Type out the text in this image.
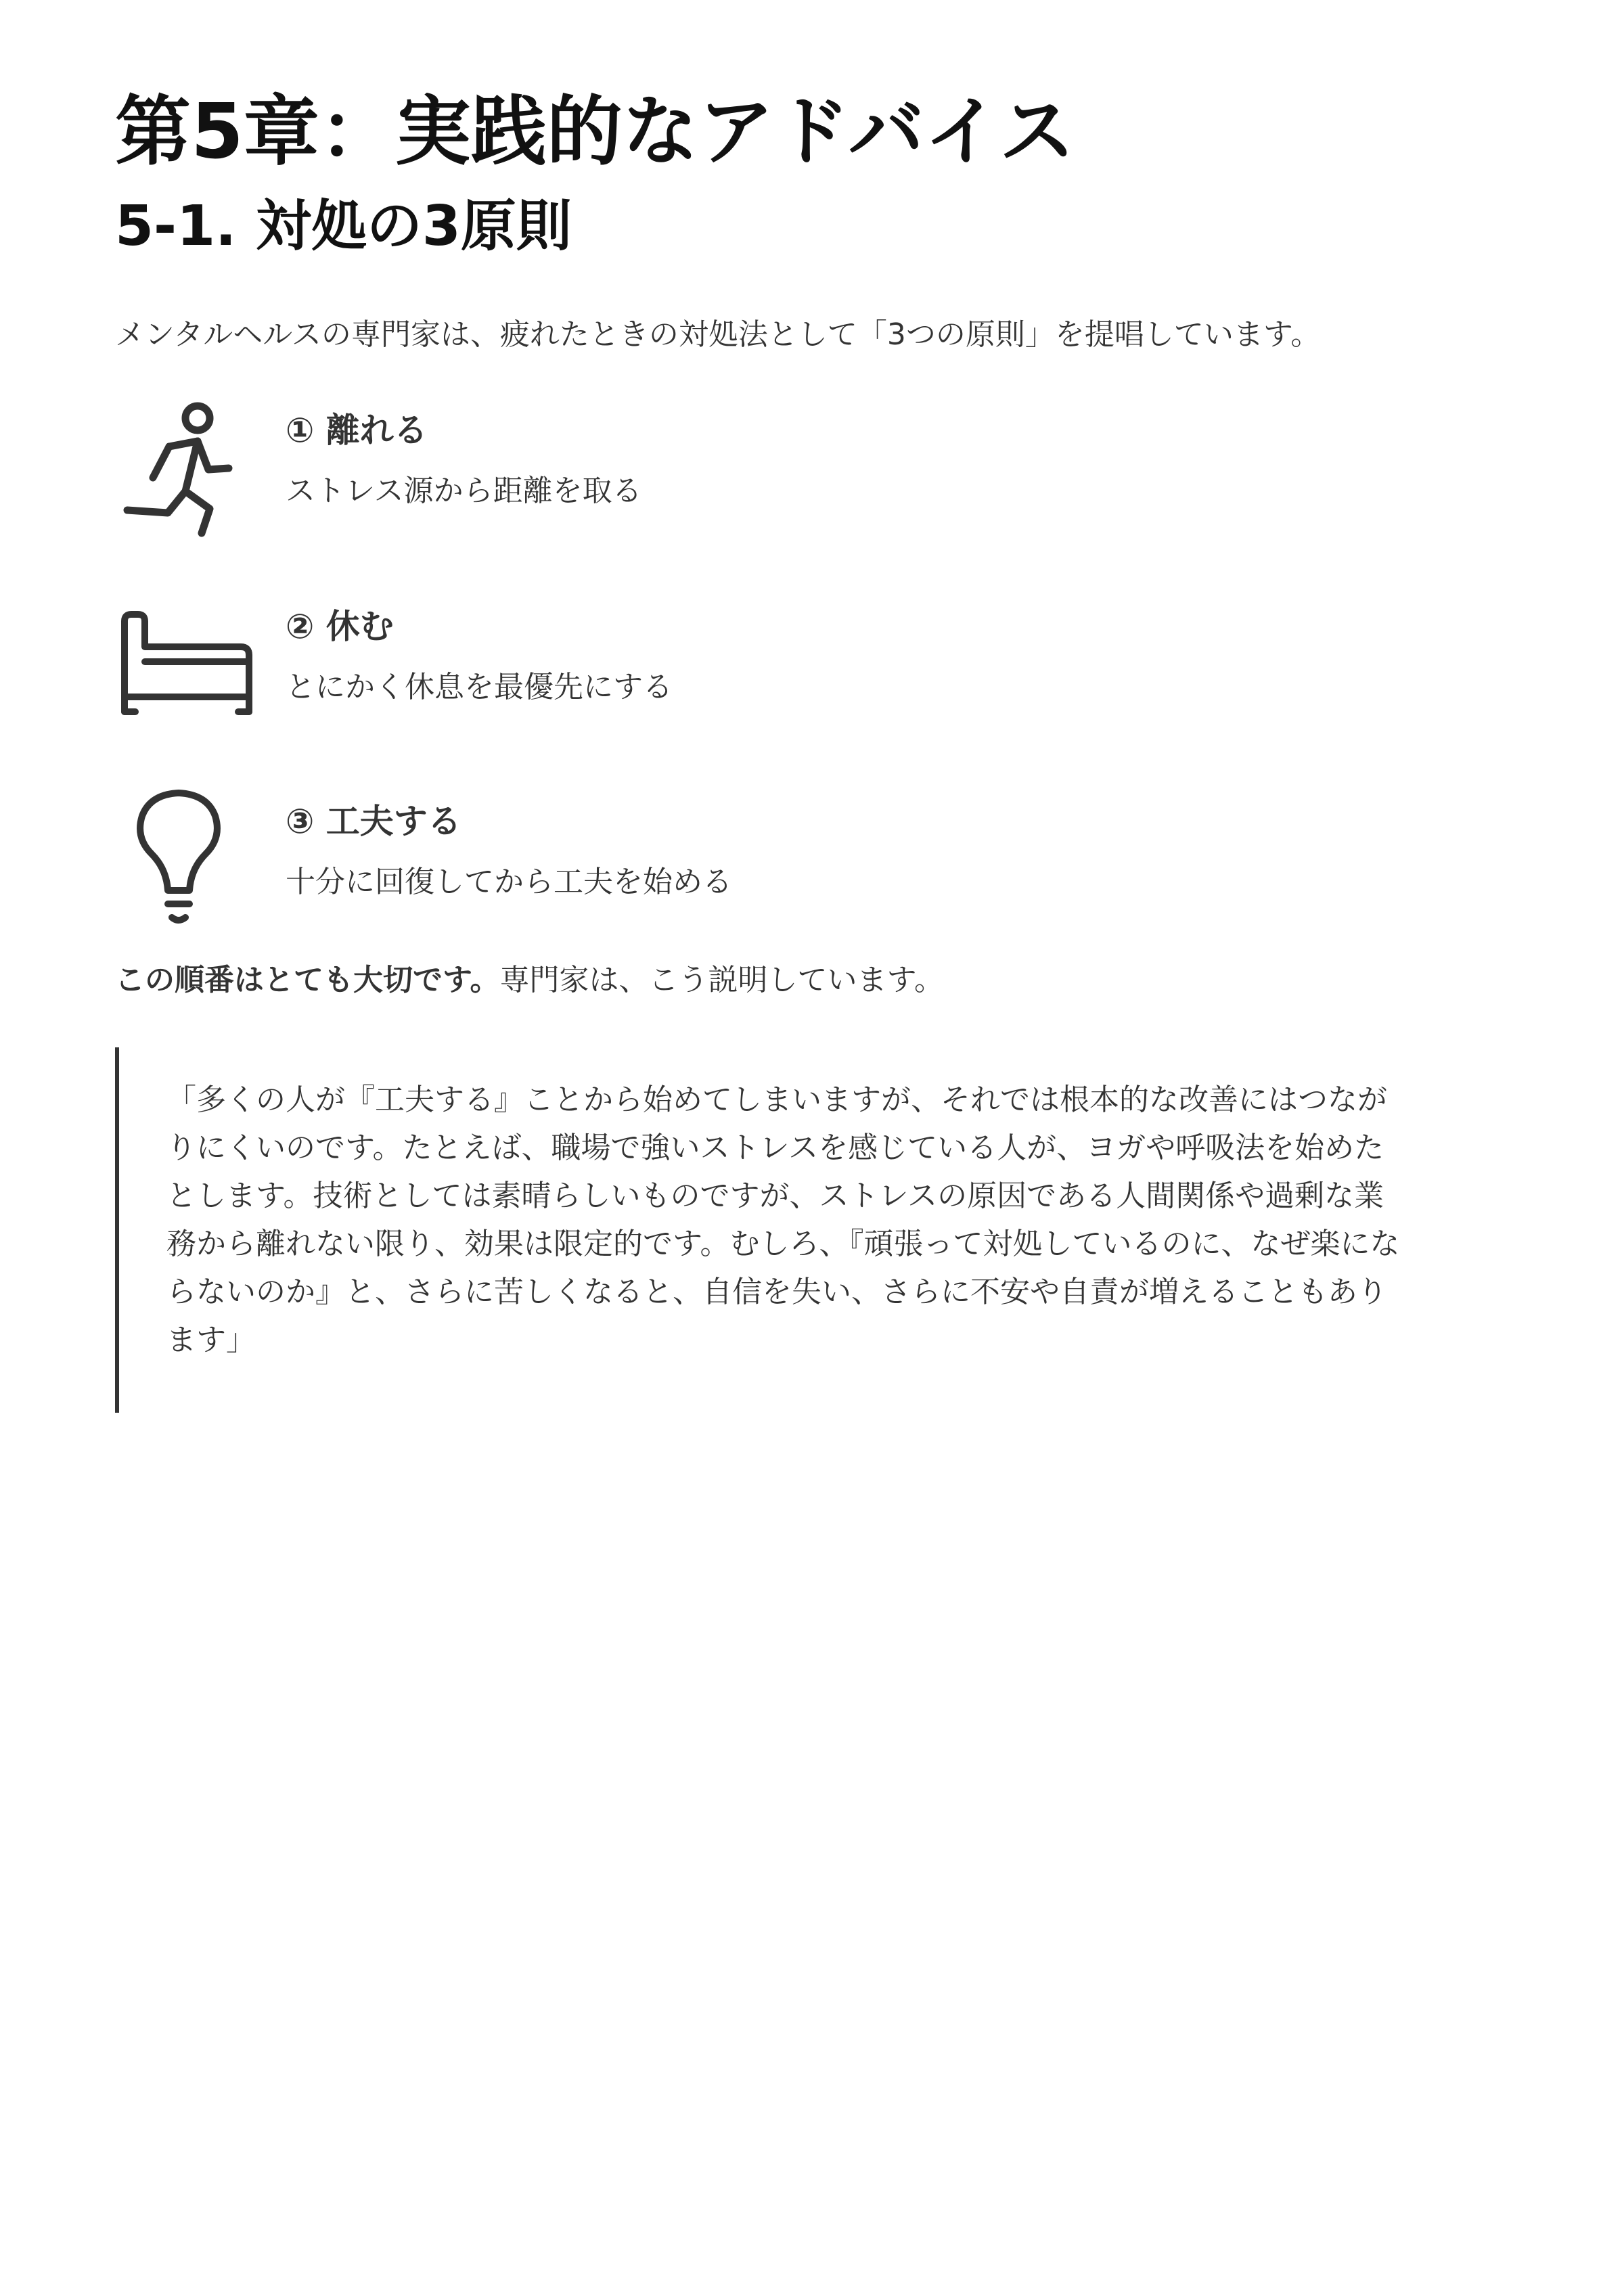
第5章：実践的なアドバイス
5-1. 対処の3原則

メンタルヘルスの専門家は、疲れたときの対処法として「3つの原則」を提唱しています。

① 離れる

ストレス源から距離を取る

② 休む

とにかく休息を最優先にする

③ 工夫する

十分に回復してから工夫を始める

この順番はとても大切です。専門家は、こう説明しています。

「多くの人が『工夫する』ことから始めてしまいますが、それでは根本的な改善にはつなが

りにくいのです。たとえば、職場で強いストレスを感じている人が、ヨガや呼吸法を始めた

とします。技術としては素晴らしいものですが、ストレスの原因である人間関係や過剰な業

務から離れない限り、効果は限定的です。むしろ、『頑張って対処しているのに、なぜ楽にな

らないのか』と、さらに苦しくなると、自信を失い、さらに不安や自責が増えることもあり

ます」
